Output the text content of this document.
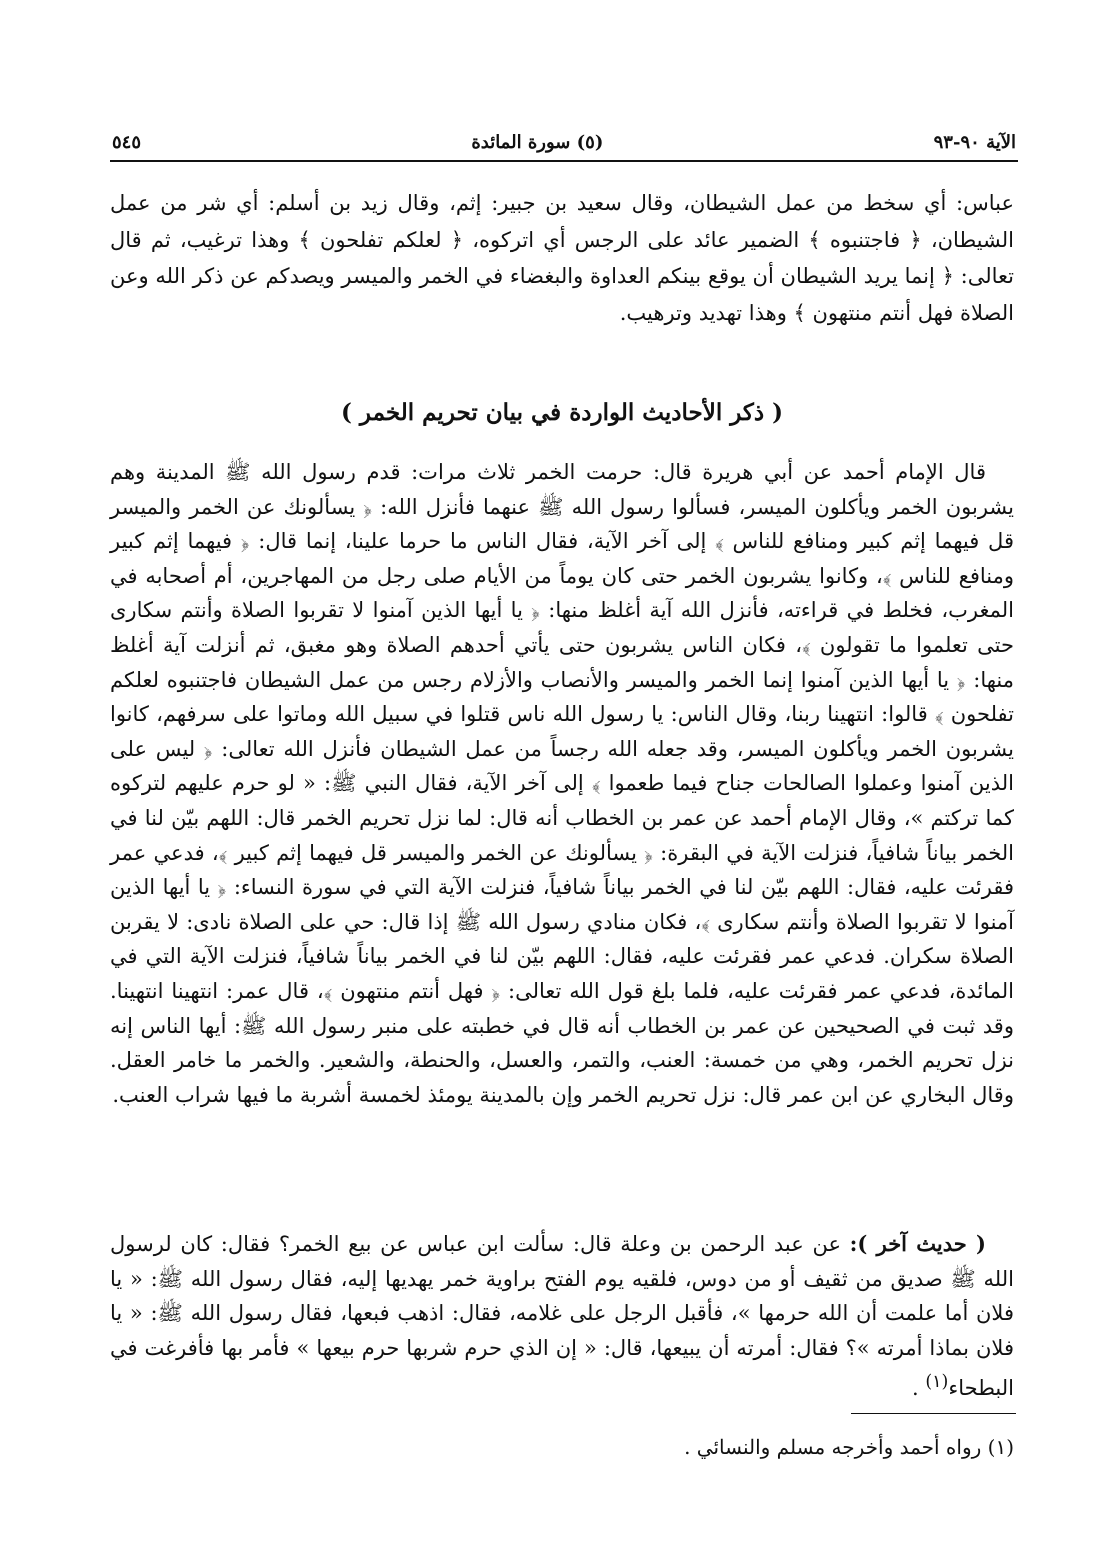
الآية ٩٠-٩٣
(٥) سورة المائدة
٥٤٥

عباس: أي سخط من عمل الشيطان، وقال سعيد بن جبير: إثم، وقال زيد بن أسلم: أي شر من عمل الشيطان، ﴿ فاجتنبوه ﴾ الضمير عائد على الرجس أي اتركوه، ﴿ لعلكم تفلحون ﴾ وهذا ترغيب، ثم قال تعالى: ﴿ إنما يريد الشيطان أن يوقع بينكم العداوة والبغضاء في الخمر والميسر ويصدكم عن ذكر الله وعن الصلاة فهل أنتم منتهون ﴾ وهذا تهديد وترهيب.

( ذكر الأحاديث الواردة في بيان تحريم الخمر )

قال الإمام أحمد عن أبي هريرة قال: حرمت الخمر ثلاث مرات: قدم رسول الله ﷺ المدينة وهم يشربون الخمر ويأكلون الميسر، فسألوا رسول الله ﷺ عنهما فأنزل الله: ﴿ يسألونك عن الخمر والميسر قل فيهما إثم كبير ومنافع للناس ﴾ إلى آخر الآية، فقال الناس ما حرما علينا، إنما قال: ﴿ فيهما إثم كبير ومنافع للناس ﴾، وكانوا يشربون الخمر حتى كان يوماً من الأيام صلى رجل من المهاجرين، أم أصحابه في المغرب، فخلط في قراءته، فأنزل الله آية أغلظ منها: ﴿ يا أيها الذين آمنوا لا تقربوا الصلاة وأنتم سكارى حتى تعلموا ما تقولون ﴾، فكان الناس يشربون حتى يأتي أحدهم الصلاة وهو مغبق، ثم أنزلت آية أغلظ منها: ﴿ يا أيها الذين آمنوا إنما الخمر والميسر والأنصاب والأزلام رجس من عمل الشيطان فاجتنبوه لعلكم تفلحون ﴾ قالوا: انتهينا ربنا، وقال الناس: يا رسول الله ناس قتلوا في سبيل الله وماتوا على سرفهم، كانوا يشربون الخمر ويأكلون الميسر، وقد جعله الله رجساً من عمل الشيطان فأنزل الله تعالى: ﴿ ليس على الذين آمنوا وعملوا الصالحات جناح فيما طعموا ﴾ إلى آخر الآية، فقال النبي ﷺ: « لو حرم عليهم لتركوه كما تركتم »، وقال الإمام أحمد عن عمر بن الخطاب أنه قال: لما نزل تحريم الخمر قال: اللهم بيّن لنا في الخمر بياناً شافياً، فنزلت الآية في البقرة: ﴿ يسألونك عن الخمر والميسر قل فيهما إثم كبير ﴾، فدعي عمر فقرئت عليه، فقال: اللهم بيّن لنا في الخمر بياناً شافياً، فنزلت الآية التي في سورة النساء: ﴿ يا أيها الذين آمنوا لا تقربوا الصلاة وأنتم سكارى ﴾، فكان منادي رسول الله ﷺ إذا قال: حي على الصلاة نادى: لا يقربن الصلاة سكران. فدعي عمر فقرئت عليه، فقال: اللهم بيّن لنا في الخمر بياناً شافياً، فنزلت الآية التي في المائدة، فدعي عمر فقرئت عليه، فلما بلغ قول الله تعالى: ﴿ فهل أنتم منتهون ﴾، قال عمر: انتهينا انتهينا. وقد ثبت في الصحيحين عن عمر بن الخطاب أنه قال في خطبته على منبر رسول الله ﷺ: أيها الناس إنه نزل تحريم الخمر، وهي من خمسة: العنب، والتمر، والعسل، والحنطة، والشعير. والخمر ما خامر العقل. وقال البخاري عن ابن عمر قال: نزل تحريم الخمر وإن بالمدينة يومئذ لخمسة أشربة ما فيها شراب العنب.

( حديث آخر ): عن عبد الرحمن بن وعلة قال: سألت ابن عباس عن بيع الخمر؟ فقال: كان لرسول الله ﷺ صديق من ثقيف أو من دوس، فلقيه يوم الفتح براوية خمر يهديها إليه، فقال رسول الله ﷺ: « يا فلان أما علمت أن الله حرمها »، فأقبل الرجل على غلامه، فقال: اذهب فبعها، فقال رسول الله ﷺ: « يا فلان بماذا أمرته »؟ فقال: أمرته أن يبيعها، قال: « إن الذي حرم شربها حرم بيعها » فأمر بها فأفرغت في البطحاء$^{(١)}$ .

(١) رواه أحمد وأخرجه مسلم والنسائي .
